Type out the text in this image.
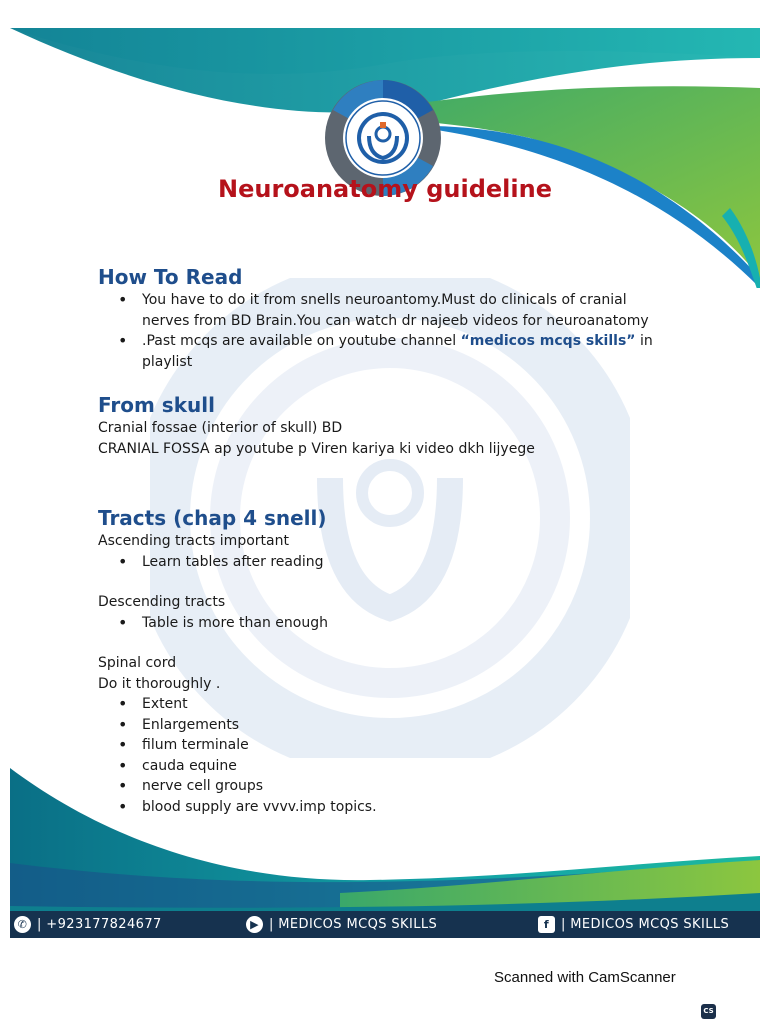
Neuroanatomy guideline
How To Read
• You have to do it from snells neuroantomy.Must do clinicals of cranial
nerves from BD Brain.You can watch dr najeeb videos for neuroanatomy
• .Past mcqs are available on youtube channel “medicos mcqs skills” in
playlist
From skull
Cranial fossae (interior of skull) BD
CRANIAL FOSSA ap youtube p Viren kariya ki video dkh lijyege
Tracts (chap 4 snell)
Ascending tracts important
• Learn tables after reading
Descending tracts
• Table is more than enough
Spinal cord
Do it thoroughly .
• Extent
• Enlargements
• filum terminale
• cauda equine
• nerve cell groups
• blood supply are vvvv.imp topics.
✆ | +923177824677	▶ | MEDICOS MCQS SKILLS	f | MEDICOS MCQS SKILLS
Scanned with CamScanner
CS
